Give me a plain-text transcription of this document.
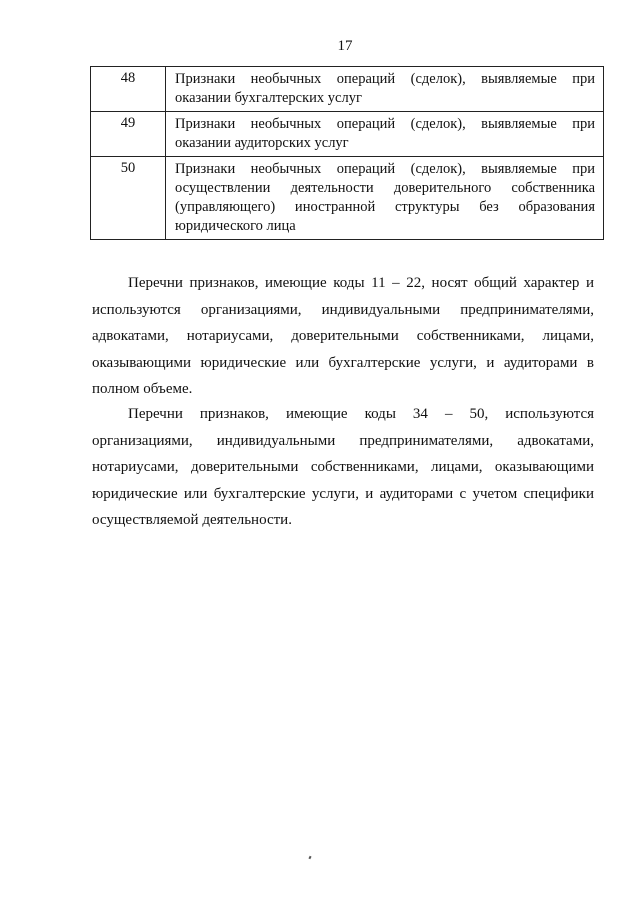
17
48	Признаки необычных операций (сделок), выявляемые при оказании бухгалтерских услуг
49	Признаки необычных операций (сделок), выявляемые при оказании аудиторских услуг
50	Признаки необычных операций (сделок), выявляемые при осуществлении деятельности доверительного собственника (управляющего) иностранной структуры без образования юридического лица

Перечни признаков, имеющие коды 11 – 22, носят общий характер и используются организациями, индивидуальными предпринимателями, адвокатами, нотариусами, доверительными собственниками, лицами, оказывающими юридические или бухгалтерские услуги, и аудиторами в полном объеме.

Перечни признаков, имеющие коды 34 – 50, используются организациями, индивидуальными предпринимателями, адвокатами, нотариусами, доверительными собственниками, лицами, оказывающими юридические или бухгалтерские услуги, и аудиторами с учетом специфики осуществляемой деятельности.
